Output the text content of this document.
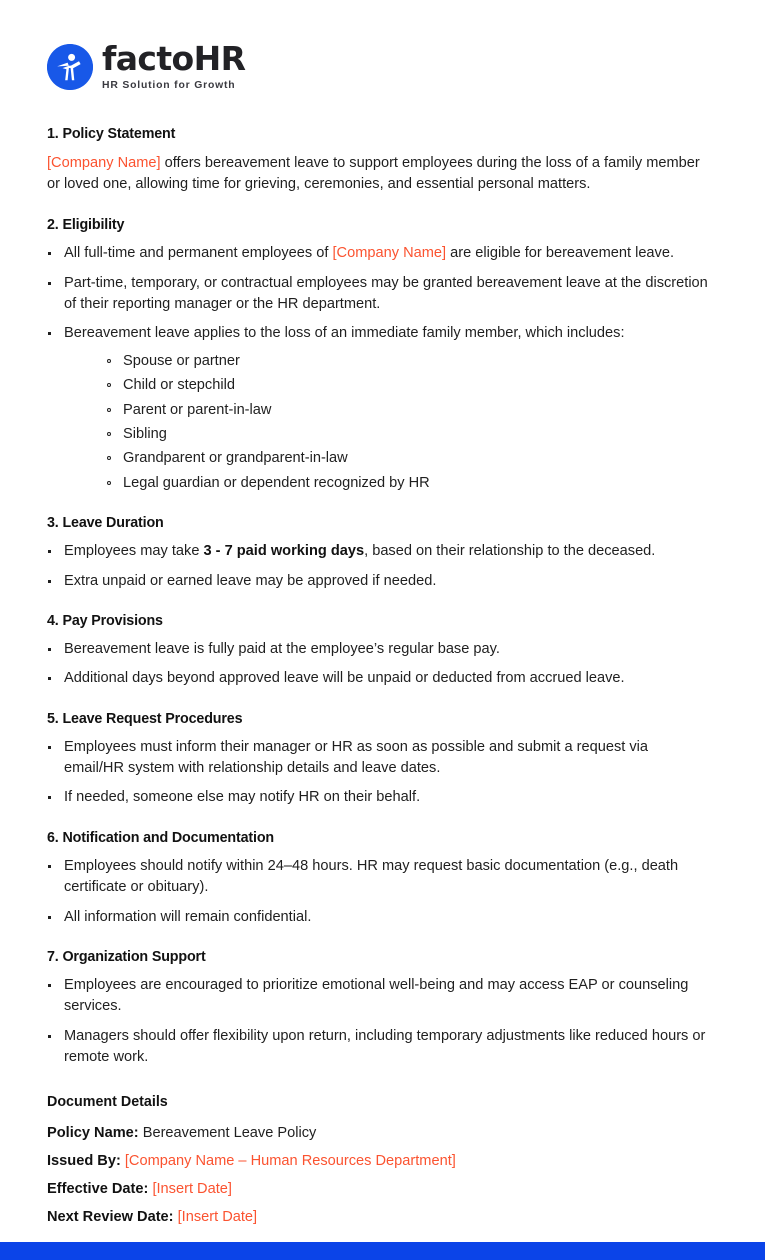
factoHR
HR Solution for Growth
1. Policy Statement

[Company Name] offers bereavement leave to support employees during the loss of a family member or loved one, allowing time for grieving, ceremonies, and essential personal matters.

2. Eligibility
All full-time and permanent employees of [Company Name] are eligible for bereavement leave.
Part-time, temporary, or contractual employees may be granted bereavement leave at the discretion of their reporting manager or the HR department.
Bereavement leave applies to the loss of an immediate family member, which includes:
Spouse or partner
Child or stepchild
Parent or parent-in-law
Sibling
Grandparent or grandparent-in-law
Legal guardian or dependent recognized by HR
3. Leave Duration
Employees may take 3 - 7 paid working days, based on their relationship to the deceased.
Extra unpaid or earned leave may be approved if needed.
4. Pay Provisions
Bereavement leave is fully paid at the employee’s regular base pay.
Additional days beyond approved leave will be unpaid or deducted from accrued leave.
5. Leave Request Procedures
Employees must inform their manager or HR as soon as possible and submit a request via email/HR system with relationship details and leave dates.
If needed, someone else may notify HR on their behalf.
6. Notification and Documentation
Employees should notify within 24–48 hours. HR may request basic documentation (e.g., death certificate or obituary).
All information will remain confidential.
7. Organization Support
Employees are encouraged to prioritize emotional well-being and may access EAP or counseling services.
Managers should offer flexibility upon return, including temporary adjustments like reduced hours or remote work.
Document Details
Policy Name: Bereavement Leave Policy
Issued By: [Company Name – Human Resources Department]
Effective Date: [Insert Date]
Next Review Date: [Insert Date]
